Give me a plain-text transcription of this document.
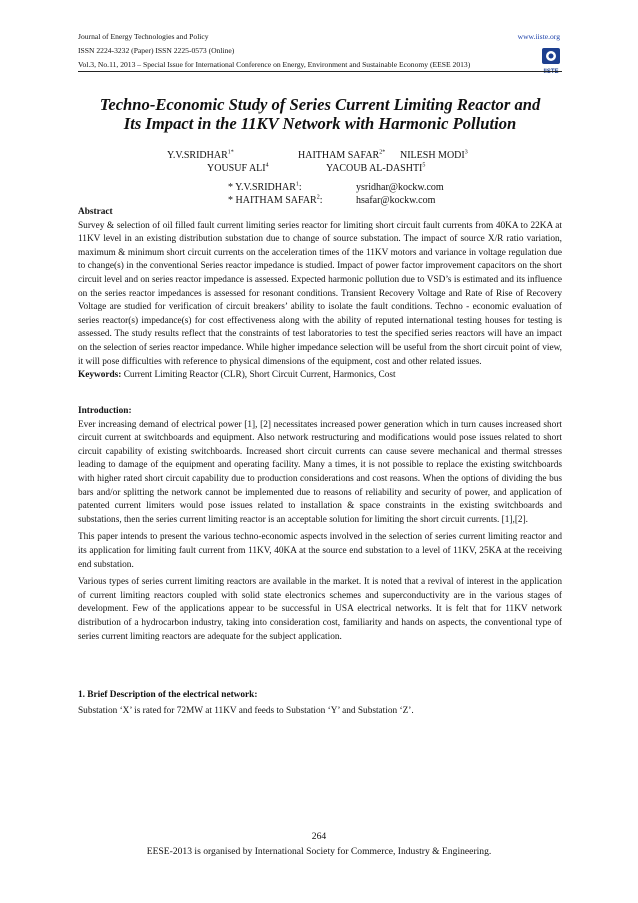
Journal of Energy Technologies and Policy	www.iiste.org
ISSN 2224-3232 (Paper) ISSN 2225-0573 (Online)
Vol.3, No.11, 2013 – Special Issue for International Conference on Energy, Environment and Sustainable Economy (EESE 2013)
IISTE
Techno-Economic Study of Series Current Limiting Reactor and
Its Impact in the 11KV Network with Harmonic Pollution
$Y.V.SRIDHAR^{1*}$	HAITHAM $SAFAR^{2*}$ NILESH MODI$^3$
YOUSUF ALI$^4$	YACOUB AL-DASHTI$^5$
* Y.V.SRIDHAR$^1$:	ysridhar@kockw.com
* HAITHAM SAFAR$^2$:	hsafar@kockw.com

Abstract

Survey & selection of oil filled fault current limiting series reactor for limiting short circuit fault currents from 40KA to 22KA at 11KV level in an existing distribution substation due to change of source substation. The impact of source X/R ratio variation, maximum & minimum short circuit currents on the acceleration times of the 11KV motors and variance in voltage regulation due to change(s) in the conventional Series reactor impedance is studied. Impact of power factor improvement capacitors on the short circuit level and on series reactor impedance is assessed. Expected harmonic pollution due to VSD’s is estimated and its influence on the series reactor impedances is assessed for resonant conditions. Transient Recovery Voltage and Rate of Rise of Recovery Voltage are studied for verification of circuit breakers’ ability to isolate the fault conditions. Techno - economic evaluation of series reactor(s) impedance(s) for cost effectiveness along with the ability of reputed international testing houses for testing is assessed. The study results reflect that the constraints of test laboratories to test the specified series reactors will have an impact on the selection of series reactor impedance. While higher impedance selection will be useful from the short circuit point of view, it will pose difficulties with reference to physical dimensions of the equipment, cost and other related issues.

Keywords: Current Limiting Reactor (CLR), Short Circuit Current, Harmonics, Cost

Introduction:

Ever increasing demand of electrical power [1], [2] necessitates increased power generation which in turn causes increased short circuit current at switchboards and equipment. Also network restructuring and modifications would pose issues related to short circuit capability of existing switchboards. Increased short circuit currents can cause severe mechanical and thermal stresses leading to damage of the equipment and operating facility. Many a times, it is not possible to replace the existing switchboards with higher rated short circuit capability due to production considerations and cost reasons. When the options of dividing the bus bars and/or splitting the network cannot be implemented due to reasons of reliability and security of power, and application of patented current limiters would pose issues related to installation & space constraints in the existing switchboards and substations, then the series current limiting reactor is an acceptable solution for limiting the short circuit currents. [1],[2].

This paper intends to present the various techno-economic aspects involved in the selection of series current limiting reactor and its application for limiting fault current from 11KV, 40KA at the source end substation to a level of 11KV, 25KA at the receiving end substation.

Various types of series current limiting reactors are available in the market. It is noted that a revival of interest in the application of current limiting reactors coupled with solid state electronics schemes and superconductivity are in the various stages of development. Few of the applications appear to be successful in USA electrical networks. It is felt that for 11KV network distribution of a hydrocarbon industry, taking into consideration cost, familiarity and hands on aspects, the conventional type of series current limiting reactors are adequate for the subject application.

1. Brief Description of the electrical network:

Substation ‘X’ is rated for 72MW at 11KV and feeds to Substation ‘Y’ and Substation ‘Z’.

264
EESE-2013 is organised by International Society for Commerce, Industry & Engineering.
